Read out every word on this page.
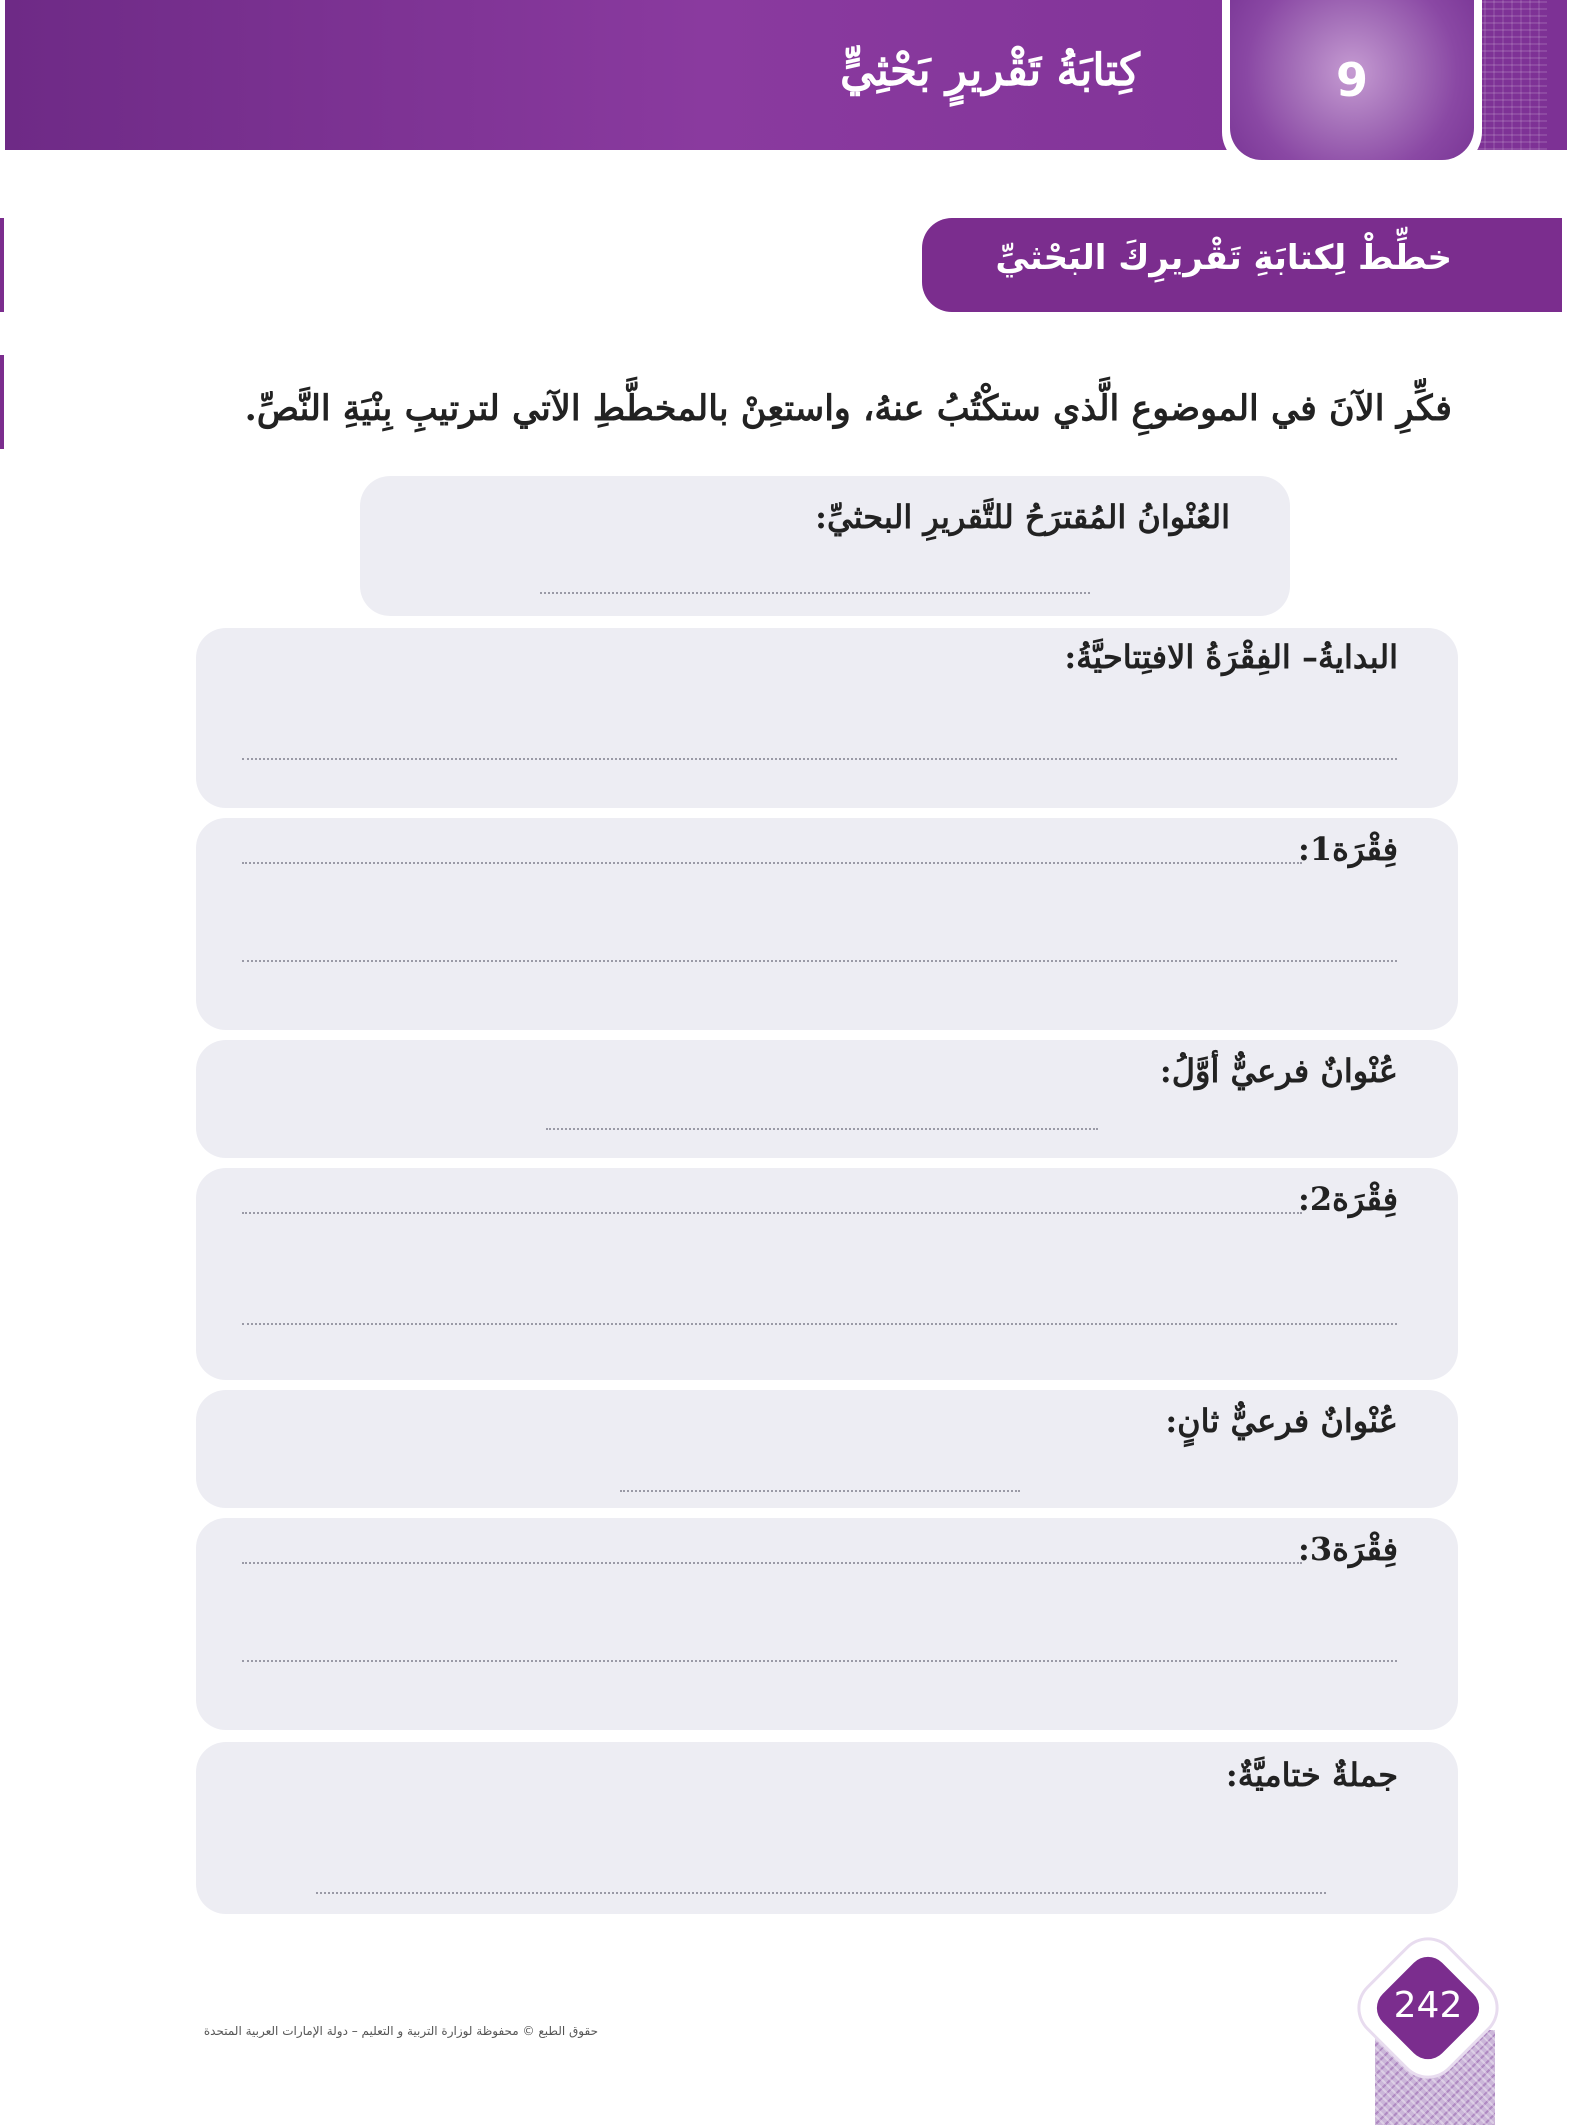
9
كِتابَةُ تَقْريرٍ بَحْثِيٍّ
خطِّطْ لِكتابَةِ تَقْريرِكَ البَحْثيِّ
فكِّرِ الآنَ في الموضوعِ الَّذي ستكْتُبُ عنهُ، واستعِنْ بالمخطَّطِ الآتي لترتيبِ بِنْيَةِ النَّصِّ.
العُنْوانُ المُقترَحُ للتَّقريرِ البحثيِّ:
البدايةُ– الفِقْرَةُ الافتِتاحيَّةُ:
فِقْرَة1:
عُنْوانٌ فرعيٌّ أوَّلُ:
فِقْرَة2:
عُنْوانٌ فرعيٌّ ثانٍ:
فِقْرَة3:
جملةٌ ختاميَّةٌ:
حقوق الطبع © محفوظة لوزارة التربية و التعليم – دولة الإمارات العربية المتحدة
242
